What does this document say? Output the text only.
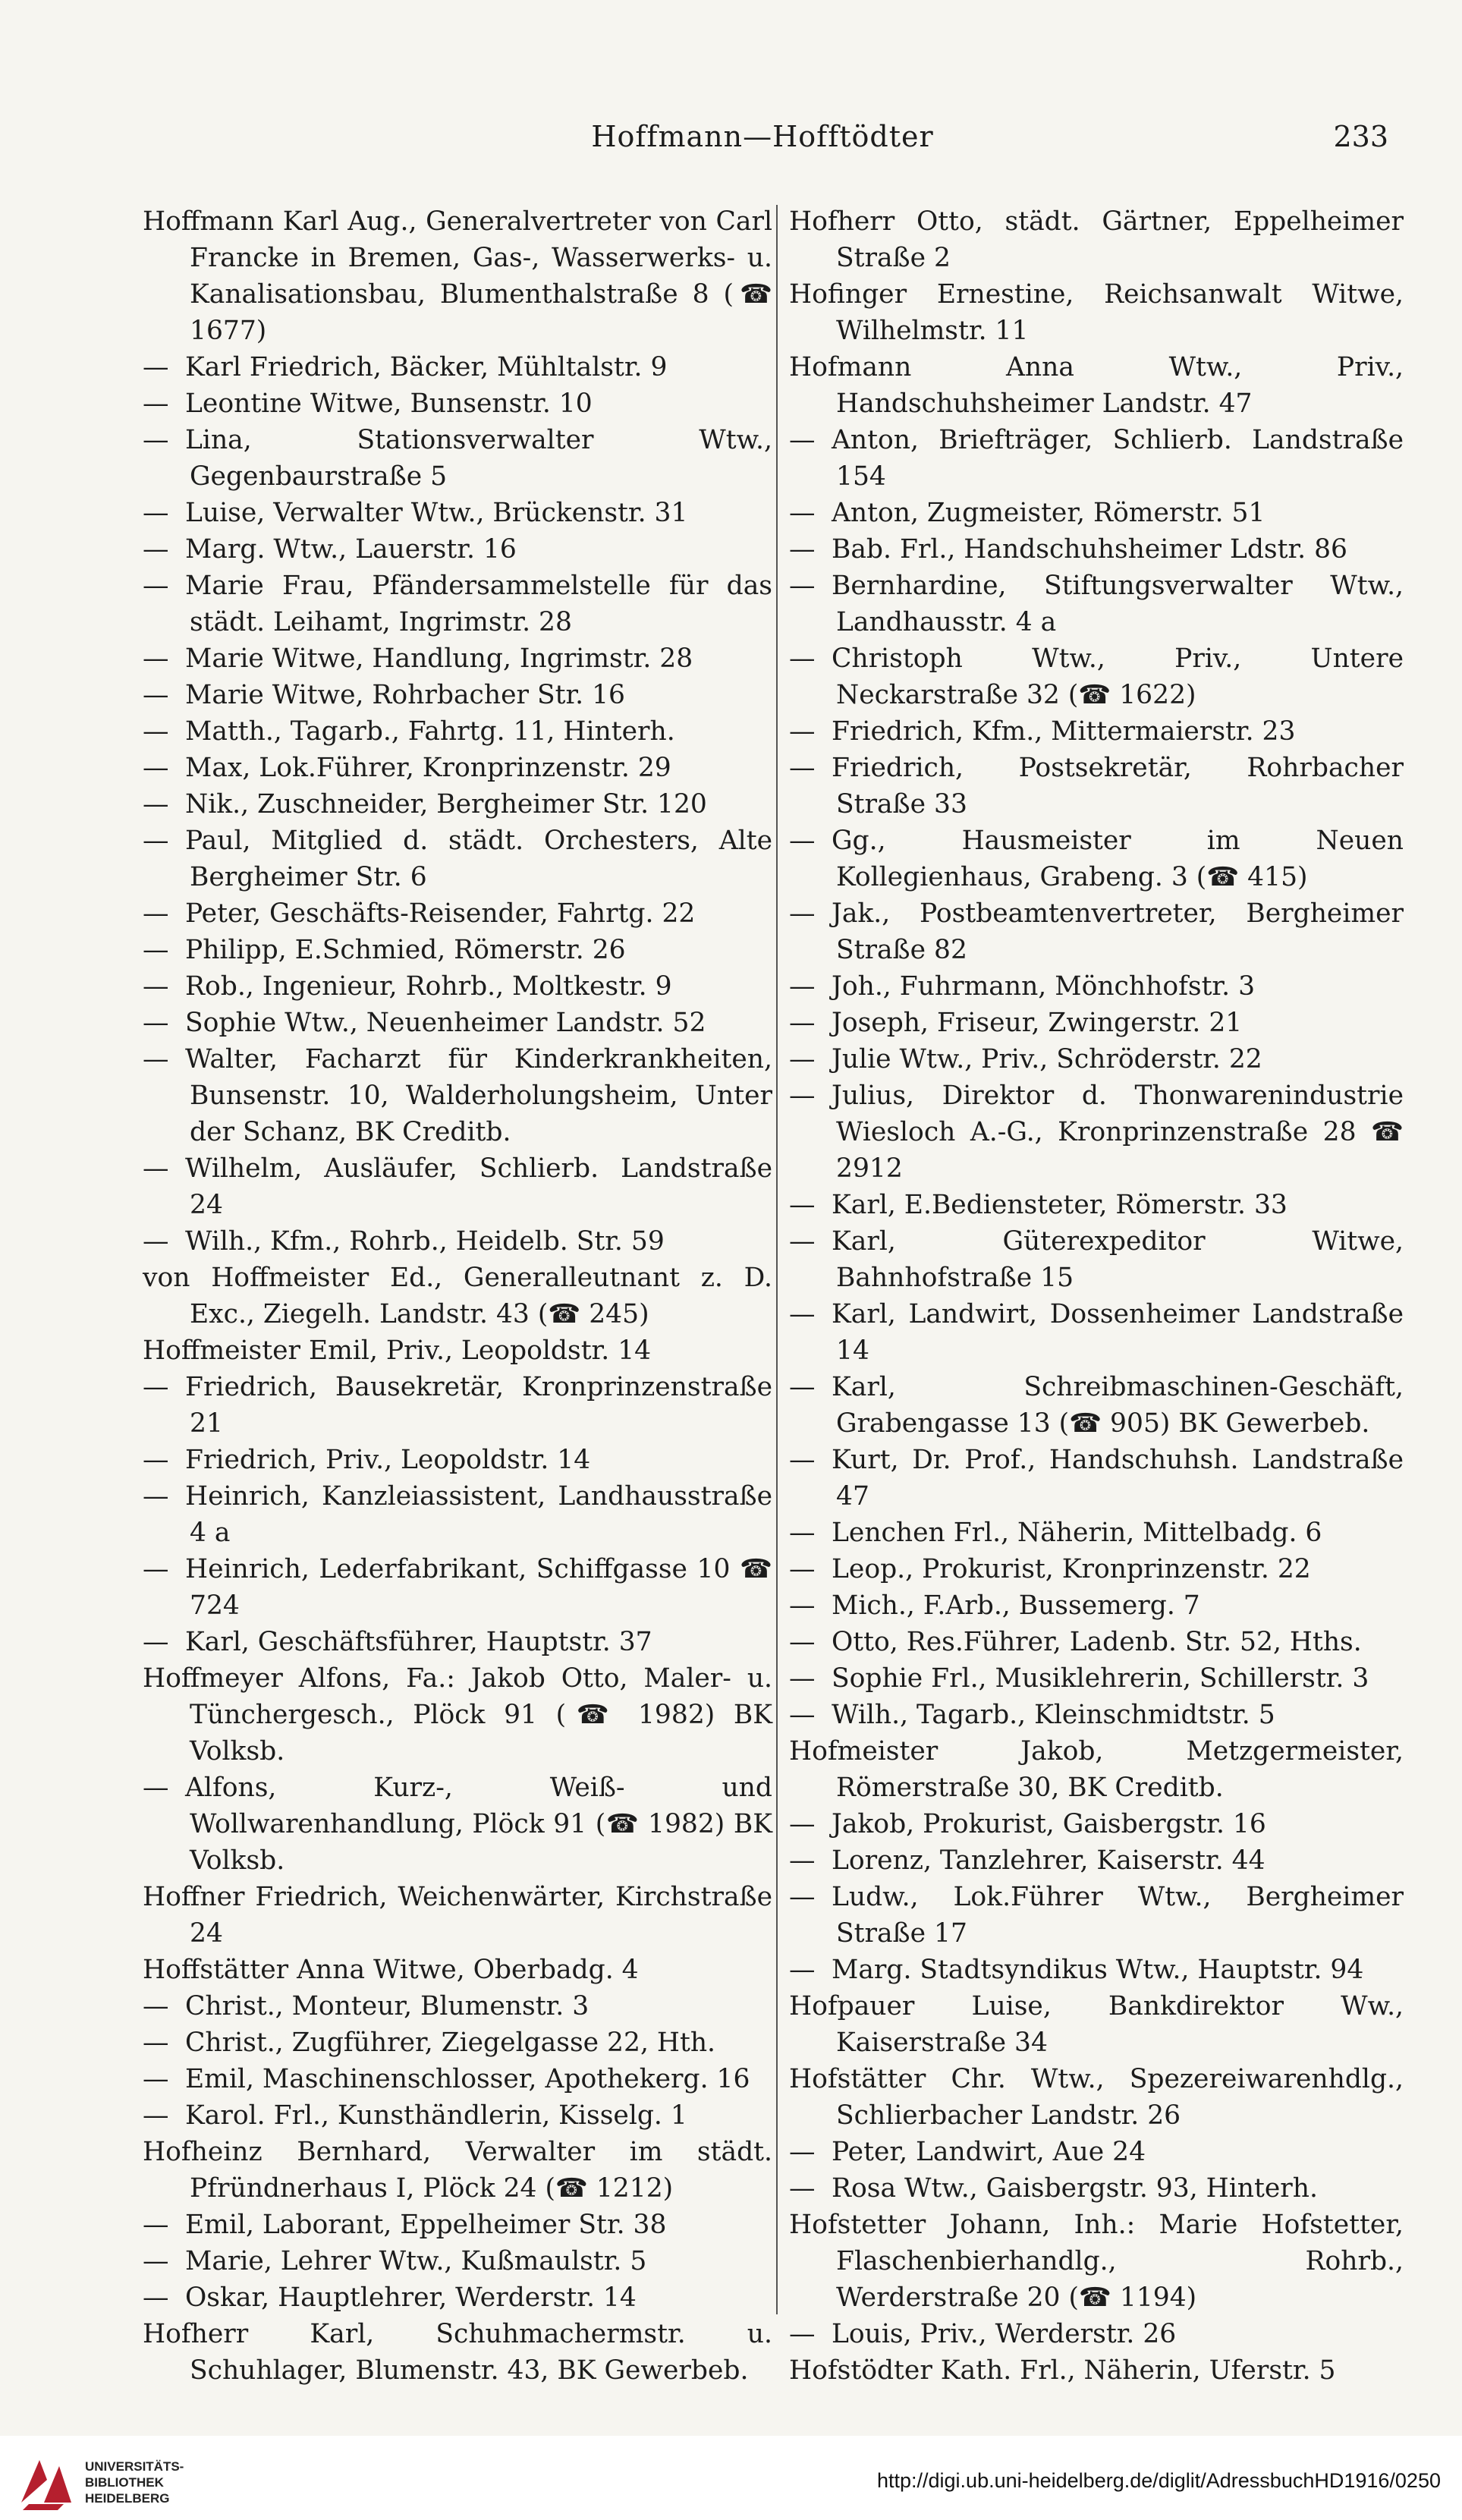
Hoffmann—Hofftödter	233
Hoffmann Karl Aug., Generalvertreter von Carl Francke in Bremen, Gas-, Wasserwerks- u. Kanalisationsbau, Blumenthalstraße 8 (☎ 1677)
— Karl Friedrich, Bäcker, Mühltalstr. 9
— Leontine Witwe, Bunsenstr. 10
— Lina, Stationsverwalter Wtw., Gegenbaurstraße 5
— Luise, Verwalter Wtw., Brückenstr. 31
— Marg. Wtw., Lauerstr. 16
— Marie Frau, Pfändersammelstelle für das städt. Leihamt, Ingrimstr. 28
— Marie Witwe, Handlung, Ingrimstr. 28
— Marie Witwe, Rohrbacher Str. 16
— Matth., Tagarb., Fahrtg. 11, Hinterh.
— Max, Lok.Führer, Kronprinzenstr. 29
— Nik., Zuschneider, Bergheimer Str. 120
— Paul, Mitglied d. städt. Orchesters, Alte Bergheimer Str. 6
— Peter, Geschäfts-Reisender, Fahrtg. 22
— Philipp, E.Schmied, Römerstr. 26
— Rob., Ingenieur, Rohrb., Moltkestr. 9
— Sophie Wtw., Neuenheimer Landstr. 52
— Walter, Facharzt für Kinderkrankheiten, Bunsenstr. 10, Walderholungsheim, Unter der Schanz, BK Creditb.
— Wilhelm, Ausläufer, Schlierb. Landstraße 24
— Wilh., Kfm., Rohrb., Heidelb. Str. 59
von Hoffmeister Ed., Generalleutnant z. D. Exc., Ziegelh. Landstr. 43 (☎ 245)
Hoffmeister Emil, Priv., Leopoldstr. 14
— Friedrich, Bausekretär, Kronprinzenstraße 21
— Friedrich, Priv., Leopoldstr. 14
— Heinrich, Kanzleiassistent, Landhausstraße 4 a
— Heinrich, Lederfabrikant, Schiffgasse 10 ☎ 724
— Karl, Geschäftsführer, Hauptstr. 37
Hoffmeyer Alfons, Fa.: Jakob Otto, Maler- u. Tünchergesch., Plöck 91 (☎ 1982) BK Volksb.
— Alfons, Kurz-, Weiß- und Wollwarenhandlung, Plöck 91 (☎ 1982) BK Volksb.
Hoffner Friedrich, Weichenwärter, Kirchstraße 24
Hoffstätter Anna Witwe, Oberbadg. 4
— Christ., Monteur, Blumenstr. 3
— Christ., Zugführer, Ziegelgasse 22, Hth.
— Emil, Maschinenschlosser, Apothekerg. 16
— Karol. Frl., Kunsthändlerin, Kisselg. 1
Hofheinz Bernhard, Verwalter im städt. Pfründnerhaus I, Plöck 24 (☎ 1212)
— Emil, Laborant, Eppelheimer Str. 38
— Marie, Lehrer Wtw., Kußmaulstr. 5
— Oskar, Hauptlehrer, Werderstr. 14
Hofherr Karl, Schuhmachermstr. u. Schuhlager, Blumenstr. 43, BK Gewerbeb.
Hofherr Otto, städt. Gärtner, Eppelheimer Straße 2
Hofinger Ernestine, Reichsanwalt Witwe, Wilhelmstr. 11
Hofmann Anna Wtw., Priv., Handschuhsheimer Landstr. 47
— Anton, Briefträger, Schlierb. Landstraße 154
— Anton, Zugmeister, Römerstr. 51
— Bab. Frl., Handschuhsheimer Ldstr. 86
— Bernhardine, Stiftungsverwalter Wtw., Landhausstr. 4 a
— Christoph Wtw., Priv., Untere Neckarstraße 32 (☎ 1622)
— Friedrich, Kfm., Mittermaierstr. 23
— Friedrich, Postsekretär, Rohrbacher Straße 33
— Gg., Hausmeister im Neuen Kollegienhaus, Grabeng. 3 (☎ 415)
— Jak., Postbeamtenvertreter, Bergheimer Straße 82
— Joh., Fuhrmann, Mönchhofstr. 3
— Joseph, Friseur, Zwingerstr. 21
— Julie Wtw., Priv., Schröderstr. 22
— Julius, Direktor d. Thonwarenindustrie Wiesloch A.-G., Kronprinzenstraße 28 ☎ 2912
— Karl, E.Bediensteter, Römerstr. 33
— Karl, Güterexpeditor Witwe, Bahnhofstraße 15
— Karl, Landwirt, Dossenheimer Landstraße 14
— Karl, Schreibmaschinen-Geschäft, Grabengasse 13 (☎ 905) BK Gewerbeb.
— Kurt, Dr. Prof., Handschuhsh. Landstraße 47
— Lenchen Frl., Näherin, Mittelbadg. 6
— Leop., Prokurist, Kronprinzenstr. 22
— Mich., F.Arb., Bussemerg. 7
— Otto, Res.Führer, Ladenb. Str. 52, Hths.
— Sophie Frl., Musiklehrerin, Schillerstr. 3
— Wilh., Tagarb., Kleinschmidtstr. 5
Hofmeister Jakob, Metzgermeister, Römerstraße 30, BK Creditb.
— Jakob, Prokurist, Gaisbergstr. 16
— Lorenz, Tanzlehrer, Kaiserstr. 44
— Ludw., Lok.Führer Wtw., Bergheimer Straße 17
— Marg. Stadtsyndikus Wtw., Hauptstr. 94
Hofpauer Luise, Bankdirektor Ww., Kaiserstraße 34
Hofstätter Chr. Wtw., Spezereiwarenhdlg., Schlierbacher Landstr. 26
— Peter, Landwirt, Aue 24
— Rosa Wtw., Gaisbergstr. 93, Hinterh.
Hofstetter Johann, Inh.: Marie Hofstetter, Flaschenbierhandlg., Rohrb., Werderstraße 20 (☎ 1194)
— Louis, Priv., Werderstr. 26
Hofstödter Kath. Frl., Näherin, Uferstr. 5
UNIVERSITÄTS-
BIBLIOTHEK
HEIDELBERG
http://digi.ub.uni-heidelberg.de/diglit/AdressbuchHD1916/0250
